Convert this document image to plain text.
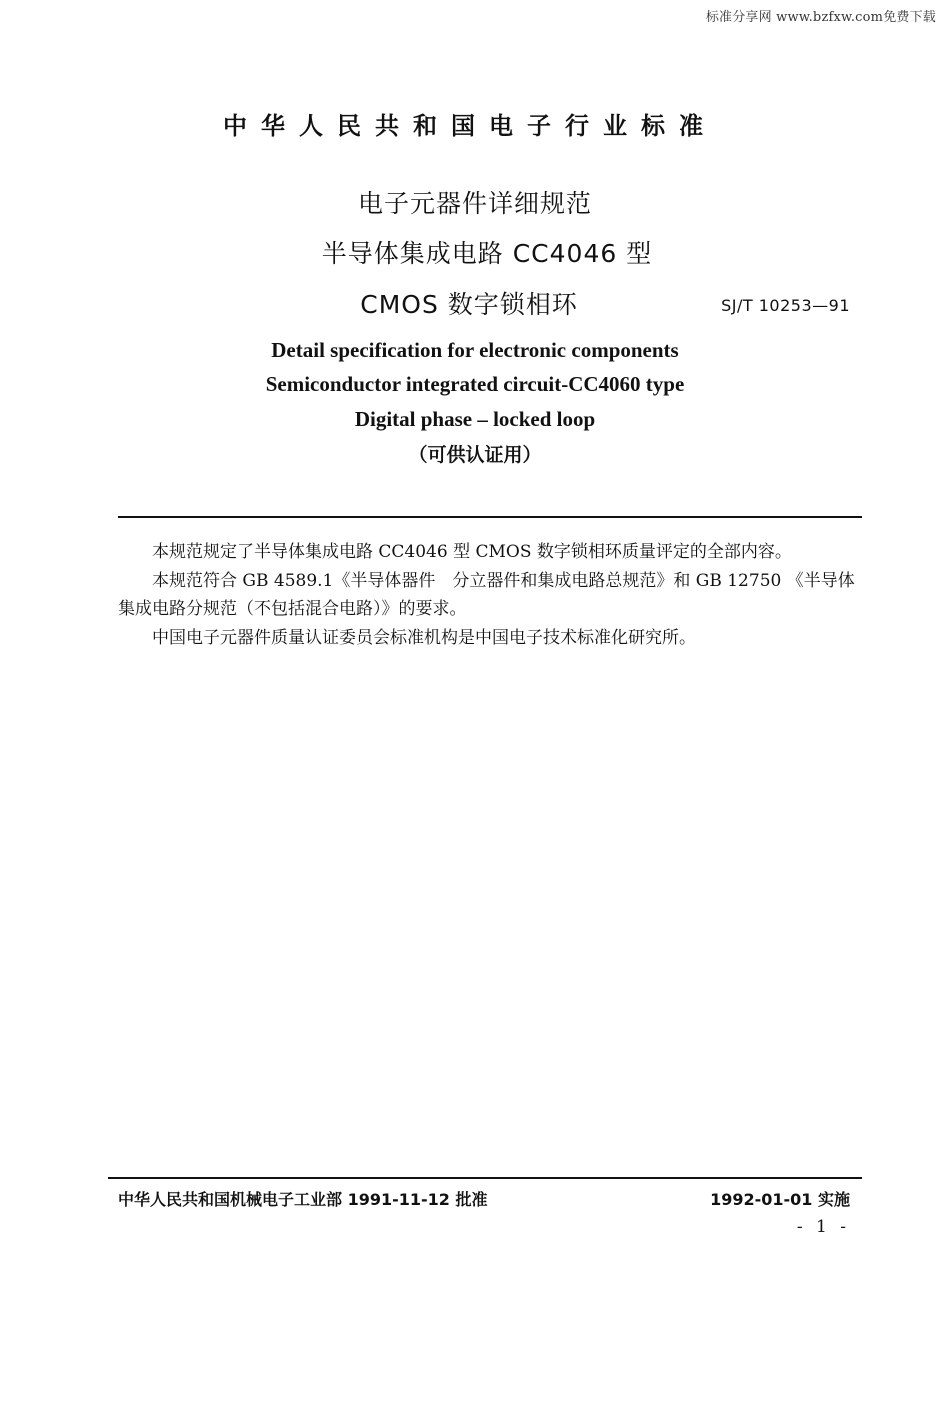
标准分享网 www.bzfxw.com免费下载
中华人民共和国电子行业标准
电子元器件详细规范
半导体集成电路 CC4046 型
CMOS 数字锁相环	SJ/T 10253—91
Detail specification for electronic components
Semiconductor integrated circuit-CC4060 type
Digital phase – locked loop
（可供认证用）

本规范规定了半导体集成电路 CC4046 型 CMOS 数字锁相环质量评定的全部内容。

本规范符合 GB 4589.1《半导体器件　分立器件和集成电路总规范》和 GB 12750 《半导体集成电路分规范（不包括混合电路）》的要求。

中国电子元器件质量认证委员会标准机构是中国电子技术标准化研究所。

中华人民共和国机械电子工业部 1991-11-12 批准	1992-01-01 实施
- 1 -
